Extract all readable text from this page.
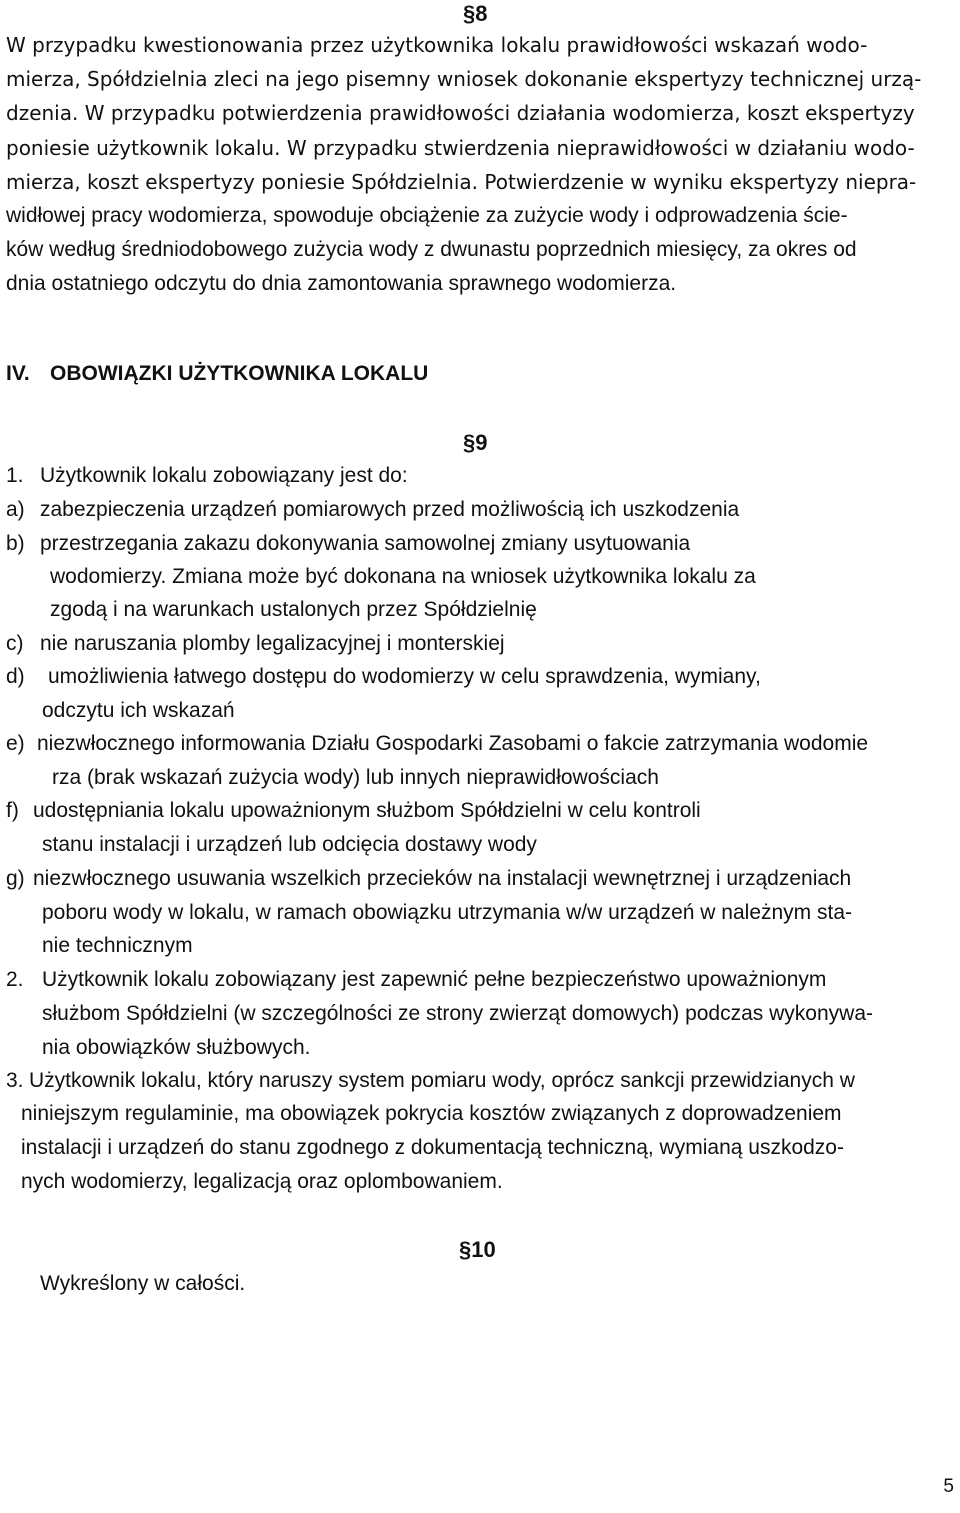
§8
W przypadku kwestionowania przez użytkownika lokalu prawidłowości wskazań wodo-
mierza, Spółdzielnia zleci na jego pisemny wniosek dokonanie ekspertyzy technicznej urzą-
dzenia. W przypadku potwierdzenia prawidłowości działania wodomierza, koszt ekspertyzy
poniesie użytkownik lokalu. W przypadku stwierdzenia nieprawidłowości w działaniu wodo-
mierza, koszt ekspertyzy poniesie Spółdzielnia. Potwierdzenie w wyniku ekspertyzy niepra-
widłowej pracy wodomierza, spowoduje obciążenie za zużycie wody i odprowadzenia ście-
ków według średniodobowego zużycia wody z dwunastu poprzednich miesięcy, za okres od
dnia ostatniego odczytu do dnia zamontowania sprawnego wodomierza.
IV. OBOWIĄZKI UŻYTKOWNIKA LOKALU
§9
1. Użytkownik lokalu zobowiązany jest do:
a) zabezpieczenia urządzeń pomiarowych przed możliwością ich uszkodzenia
b) przestrzegania zakazu dokonywania samowolnej zmiany usytuowania
wodomierzy. Zmiana może być dokonana na wniosek użytkownika lokalu za
zgodą i na warunkach ustalonych przez Spółdzielnię
c) nie naruszania plomby legalizacyjnej i monterskiej
d) umożliwienia łatwego dostępu do wodomierzy w celu sprawdzenia, wymiany,
odczytu ich wskazań
e) niezwłocznego informowania Działu Gospodarki Zasobami o fakcie zatrzymania wodomie
rza (brak wskazań zużycia wody) lub innych nieprawidłowościach
f) udostępniania lokalu upoważnionym służbom Spółdzielni w celu kontroli
stanu instalacji i urządzeń lub odcięcia dostawy wody
g) niezwłocznego usuwania wszelkich przecieków na instalacji wewnętrznej i urządzeniach
poboru wody w lokalu, w ramach obowiązku utrzymania w/w urządzeń w należnym sta-
nie technicznym
2. Użytkownik lokalu zobowiązany jest zapewnić pełne bezpieczeństwo upoważnionym
służbom Spółdzielni (w szczególności ze strony zwierząt domowych) podczas wykonywa-
nia obowiązków służbowych.
3. Użytkownik lokalu, który naruszy system pomiaru wody, oprócz sankcji przewidzianych w
niniejszym regulaminie, ma obowiązek pokrycia kosztów związanych z doprowadzeniem
instalacji i urządzeń do stanu zgodnego z dokumentacją techniczną, wymianą uszkodzo-
nych wodomierzy, legalizacją oraz oplombowaniem.
§10
Wykreślony w całości.
5
